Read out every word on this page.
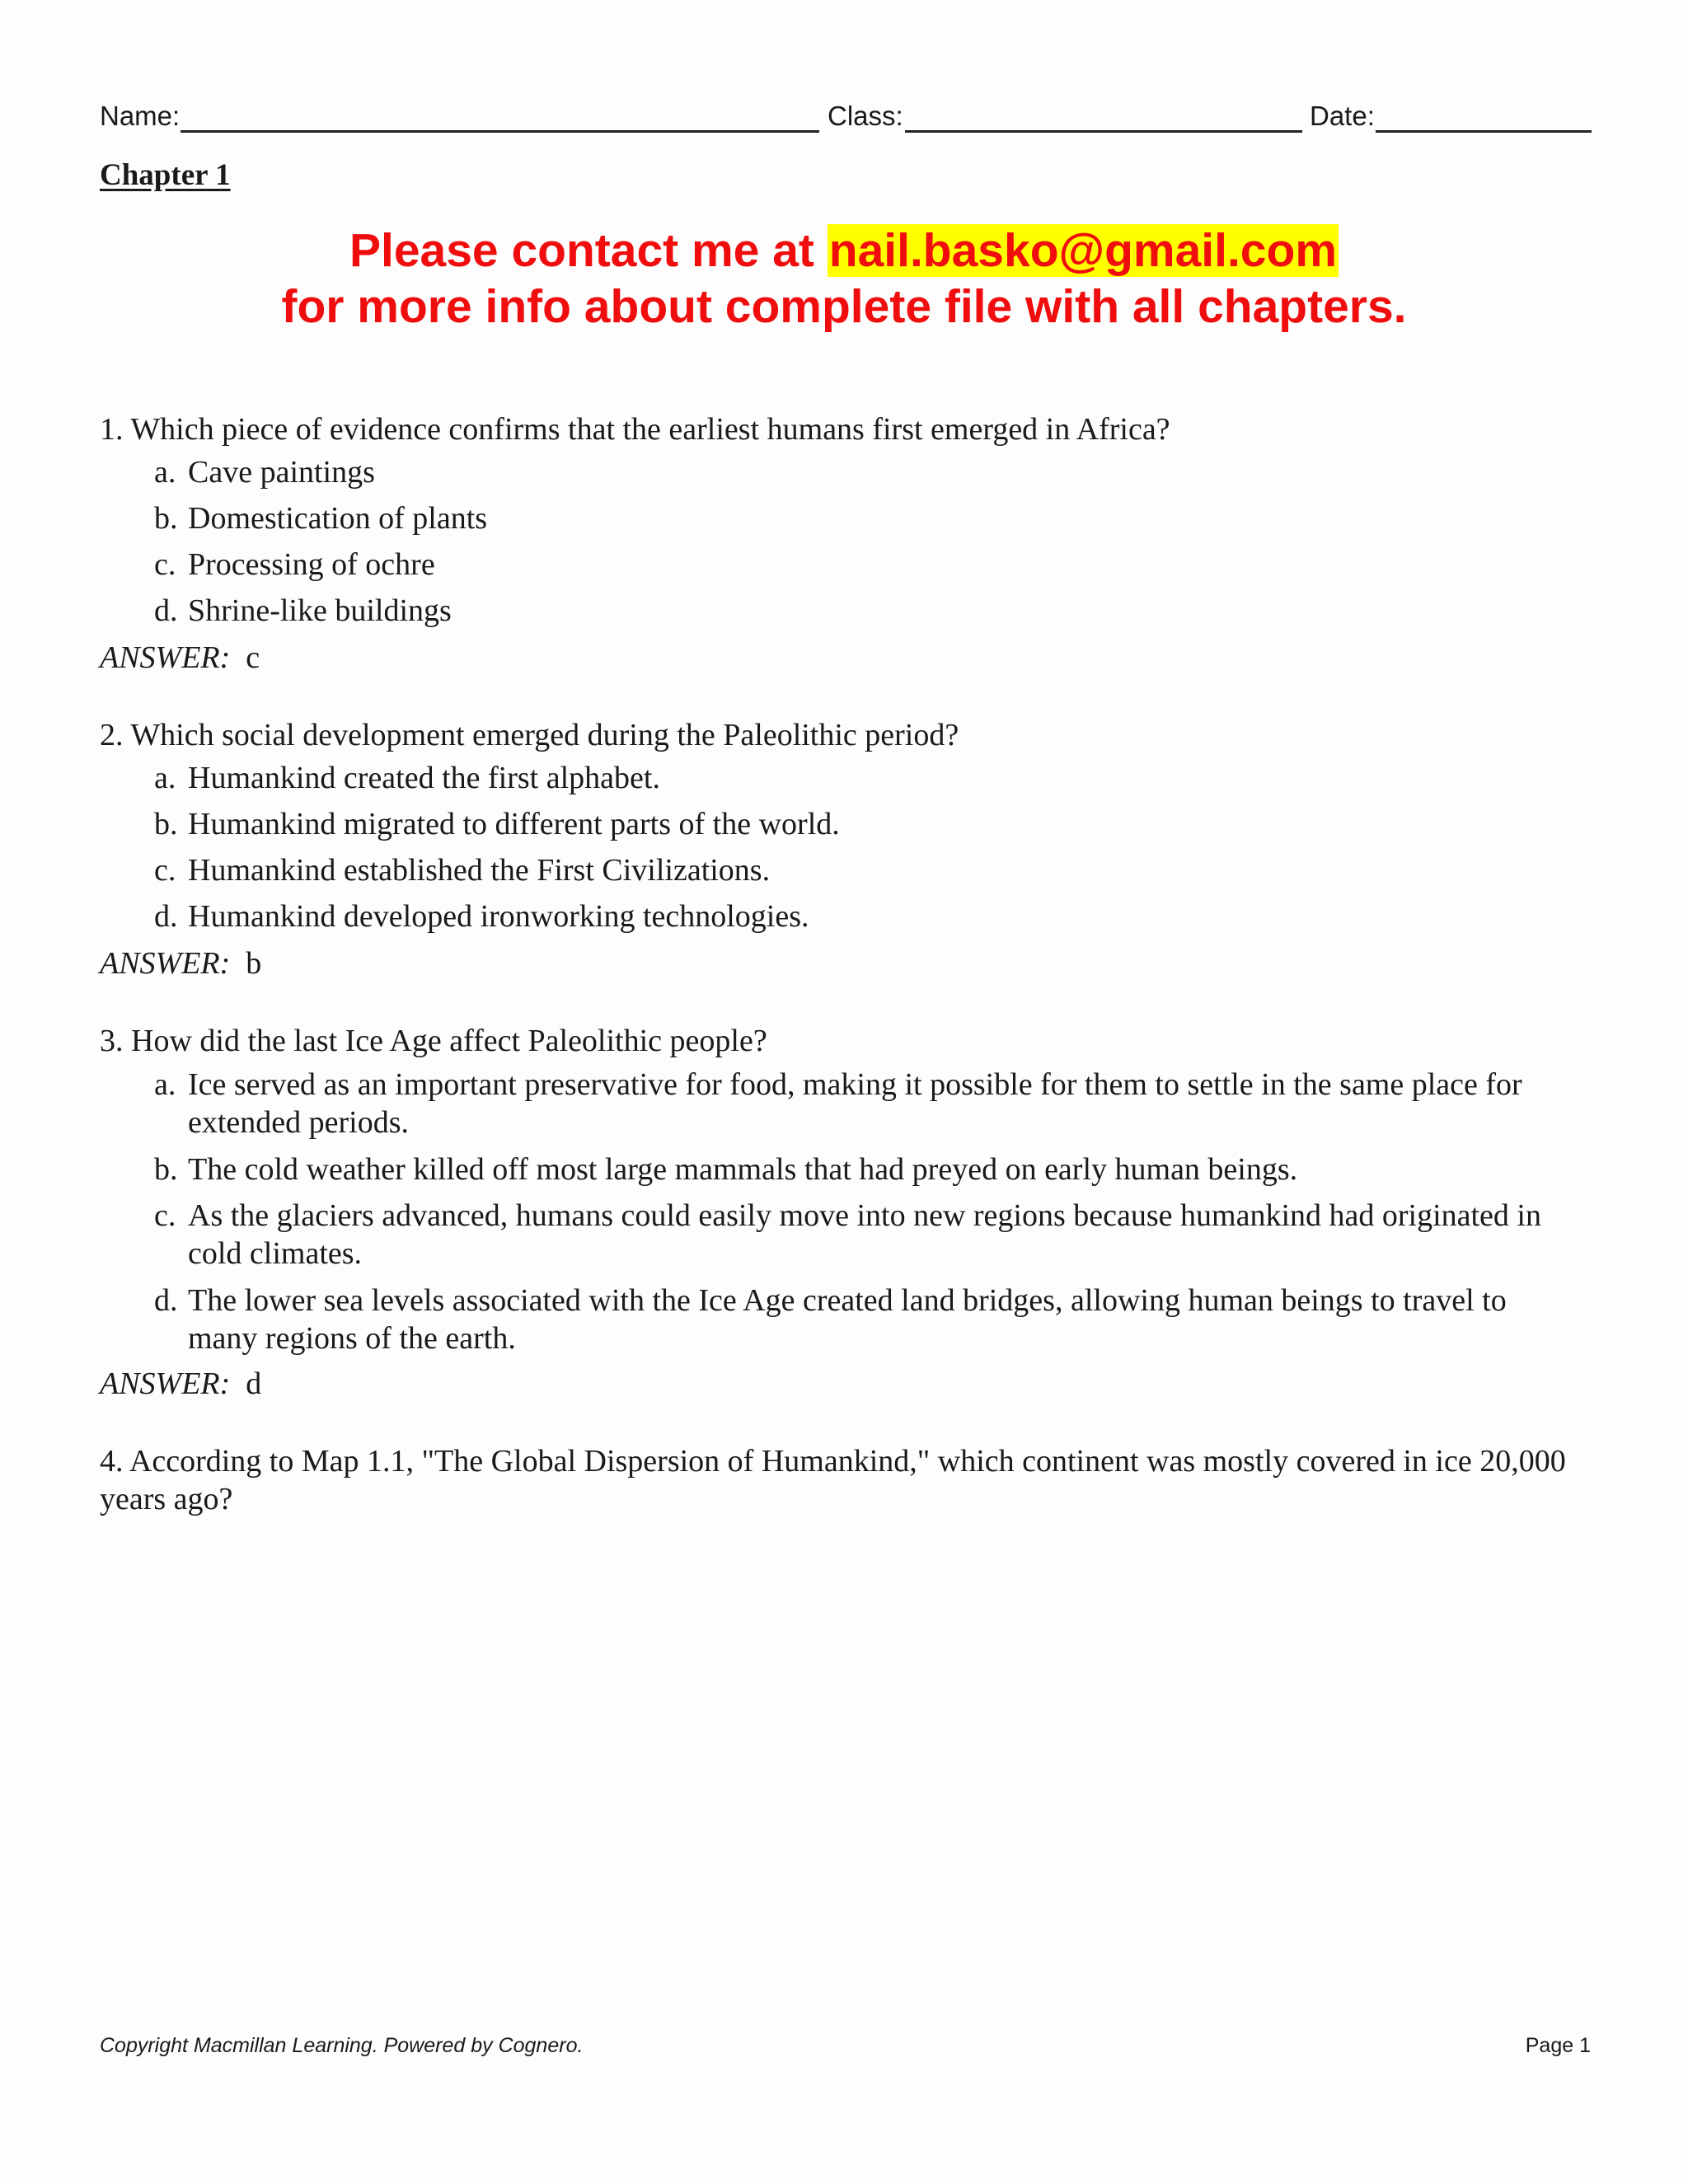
Name:	Class:	Date:
Chapter 1
Please contact me at nail.basko@gmail.com
for more info about complete file with all chapters.
1. Which piece of evidence confirms that the earliest humans first emerged in Africa?
a. Cave paintings
b. Domestication of plants
c. Processing of ochre
d. Shrine-like buildings
ANSWER: c
2. Which social development emerged during the Paleolithic period?
a. Humankind created the first alphabet.
b. Humankind migrated to different parts of the world.
c. Humankind established the First Civilizations.
d. Humankind developed ironworking technologies.
ANSWER: b
3. How did the last Ice Age affect Paleolithic people?
a. Ice served as an important preservative for food, making it possible for them to settle in the same place for extended periods.
b. The cold weather killed off most large mammals that had preyed on early human beings.
c. As the glaciers advanced, humans could easily move into new regions because humankind had originated in cold climates.
d. The lower sea levels associated with the Ice Age created land bridges, allowing human beings to travel to many regions of the earth.
ANSWER: d
4. According to Map 1.1, "The Global Dispersion of Humankind," which continent was mostly covered in ice 20,000 years ago?
Copyright Macmillan Learning. Powered by Cognero.	Page 1
